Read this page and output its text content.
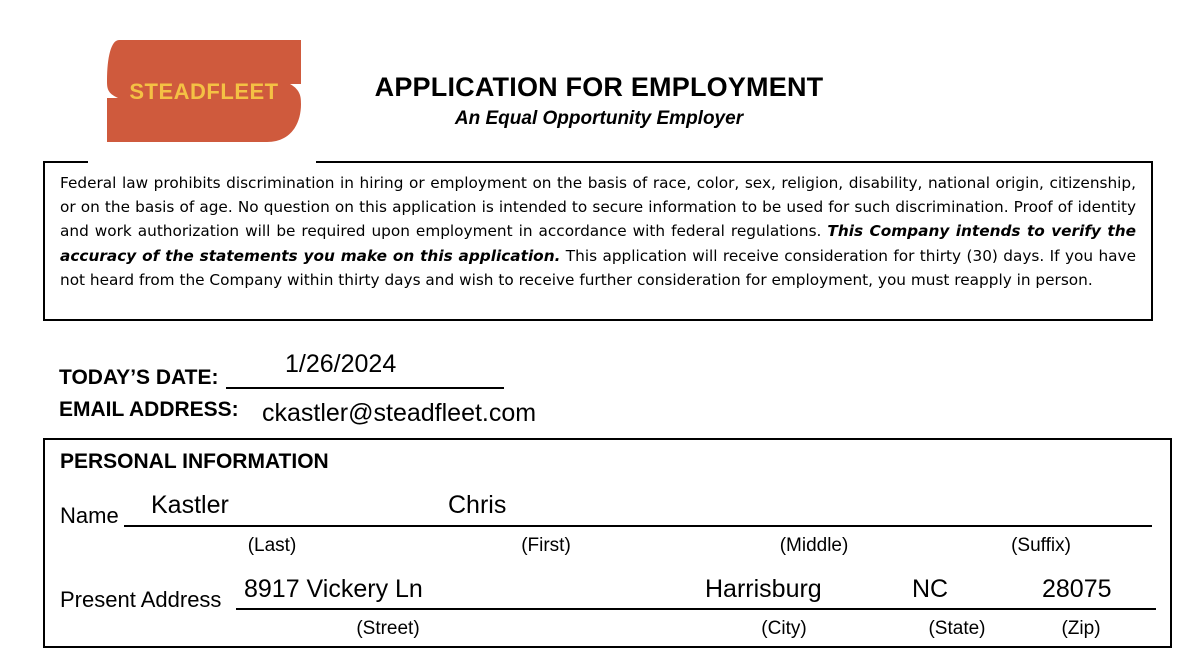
STEADFLEET	APPLICATION FOR EMPLOYMENT
An Equal Opportunity Employer
Federal law prohibits discrimination in hiring or employment on the basis of race, color, sex, religion, disability, national origin, citizenship, or on the basis of age. No question on this application is intended to secure information to be used for such discrimination. Proof of identity and work authorization will be required upon employment in accordance with federal regulations. This Company intends to verify the accuracy of the statements you make on this application. This application will receive consideration for thirty (30) days. If you have not heard from the Company within thirty days and wish to receive further consideration for employment, you must reapply in person.
TODAY’S DATE:	1/26/2024
EMAIL ADDRESS: ckastler@steadfleet.com
PERSONAL INFORMATION
Name Kastler	Chris
(Last)	(First)	(Middle)	(Suffix)
Present Address 8917 Vickery Ln	Harrisburg	NC	28075
(Street)	(City)	(State)	(Zip)
